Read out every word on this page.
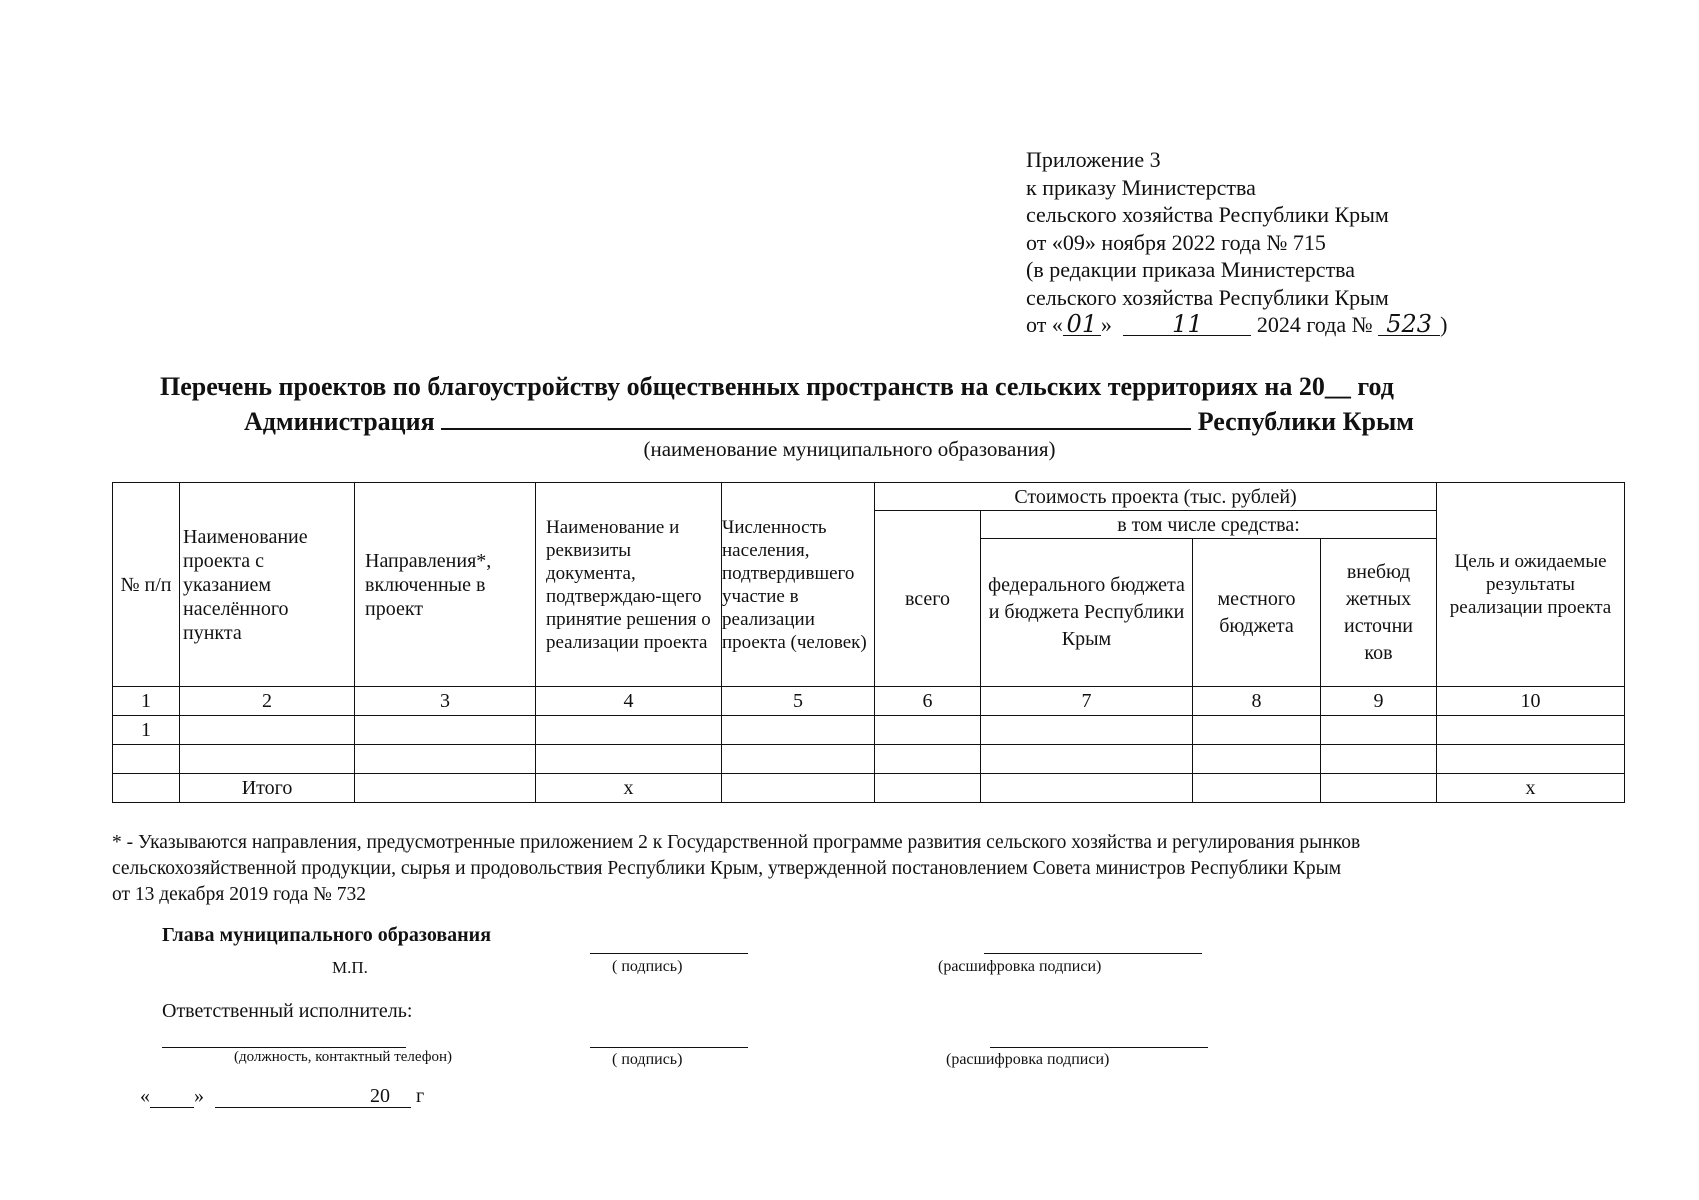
Приложение 3
к приказу Министерства
сельского хозяйства Республики Крым
от «09» ноября 2022 года № 715
(в редакции приказа Министерства
сельского хозяйства Республики Крым
от « 01 »	11 2024 года № 523 )
Перечень проектов по благоустройству общественных пространств на сельских территориях на 20__ год
Администрация	Республики Крым
(наименование муниципального образования)
№ п/п	Наименование проекта с указанием населённого пункта	Направления*, включенные в проект	Наименование и реквизиты документа, подтверждаю-щего принятие решения о реализации проекта	Численность населения, подтвердившего участие в реализации проекта (человек)	Стоимость проекта (тыс. рублей)				Цель и ожидаемые результаты реализации проекта
					всего	в том числе средства:			
						федерального бюджета и бюджета Республики Крым	местного бюджета	внебюд жетных источни ков	
1	2	3	4	5	6	7	8	9	10
1									

	Итого		х						х
* - Указываются направления, предусмотренные приложением 2 к Государственной программе развития сельского хозяйства и регулирования рынков
сельскохозяйственной продукции, сырья и продовольствия Республики Крым, утвержденной постановлением Совета министров Республики Крым
от 13 декабря 2019 года № 732
Глава муниципального образования
М.П.	( подпись)	(расшифровка подписи)
Ответственный исполнитель:
(должность, контактный телефон)	( подпись)	(расшифровка подписи)
« »	20 г
